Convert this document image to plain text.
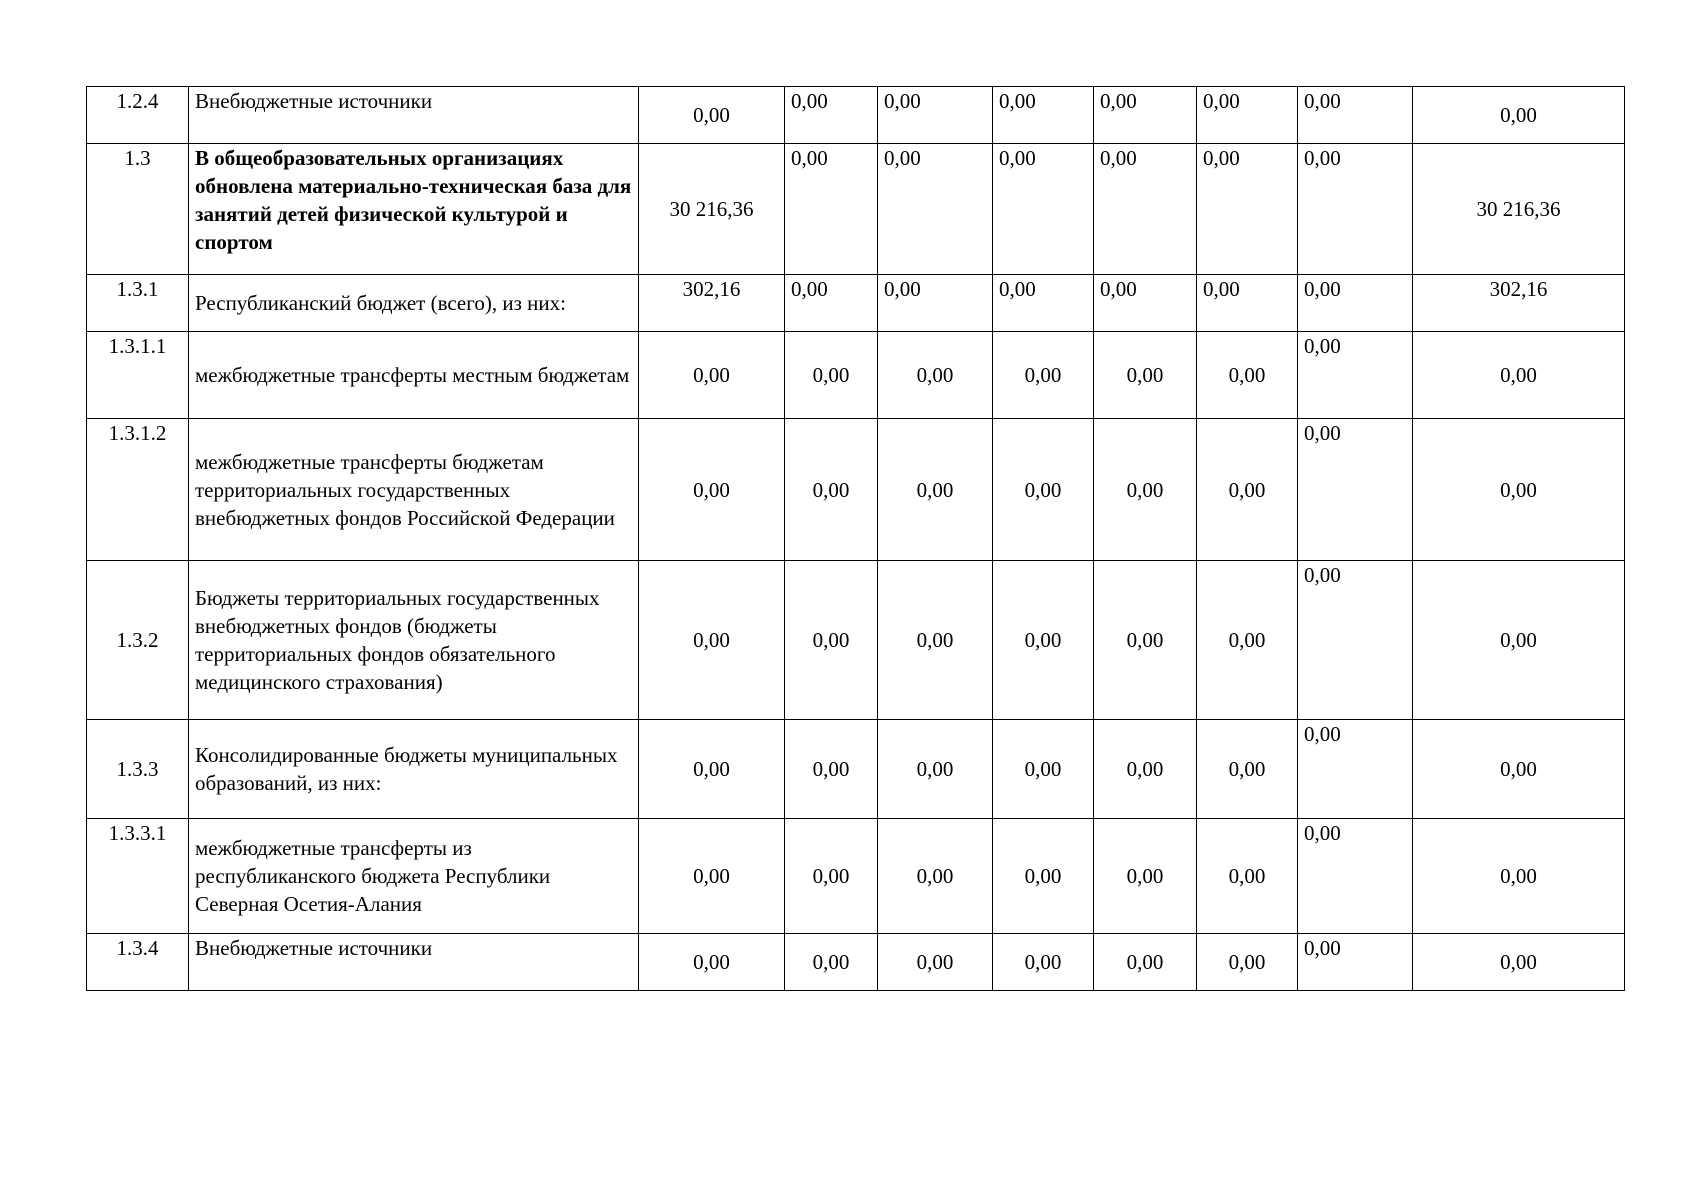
1.2.4	Внебюджетные источники	0,00	0,00	0,00	0,00	0,00	0,00	0,00	0,00
1.3	В общеобразовательных организациях обновлена материально-техническая база для занятий детей физической культурой и спортом	30 216,36	0,00	0,00	0,00	0,00	0,00	0,00	30 216,36
1.3.1	Республиканский бюджет (всего), из них:	302,16	0,00	0,00	0,00	0,00	0,00	0,00	302,16
1.3.1.1	межбюджетные трансферты местным бюджетам	0,00	0,00	0,00	0,00	0,00	0,00	0,00	0,00
1.3.1.2	межбюджетные трансферты бюджетам территориальных государственных внебюджетных фондов Российской Федерации	0,00	0,00	0,00	0,00	0,00	0,00	0,00	0,00
1.3.2	Бюджеты территориальных государственных внебюджетных фондов (бюджеты территориальных фондов обязательного медицинского страхования)	0,00	0,00	0,00	0,00	0,00	0,00	0,00	0,00
1.3.3	Консолидированные бюджеты муниципальных образований, из них:	0,00	0,00	0,00	0,00	0,00	0,00	0,00	0,00
1.3.3.1	межбюджетные трансферты из республиканского бюджета Республики Северная Осетия-Алания	0,00	0,00	0,00	0,00	0,00	0,00	0,00	0,00
1.3.4	Внебюджетные источники	0,00	0,00	0,00	0,00	0,00	0,00	0,00	0,00
